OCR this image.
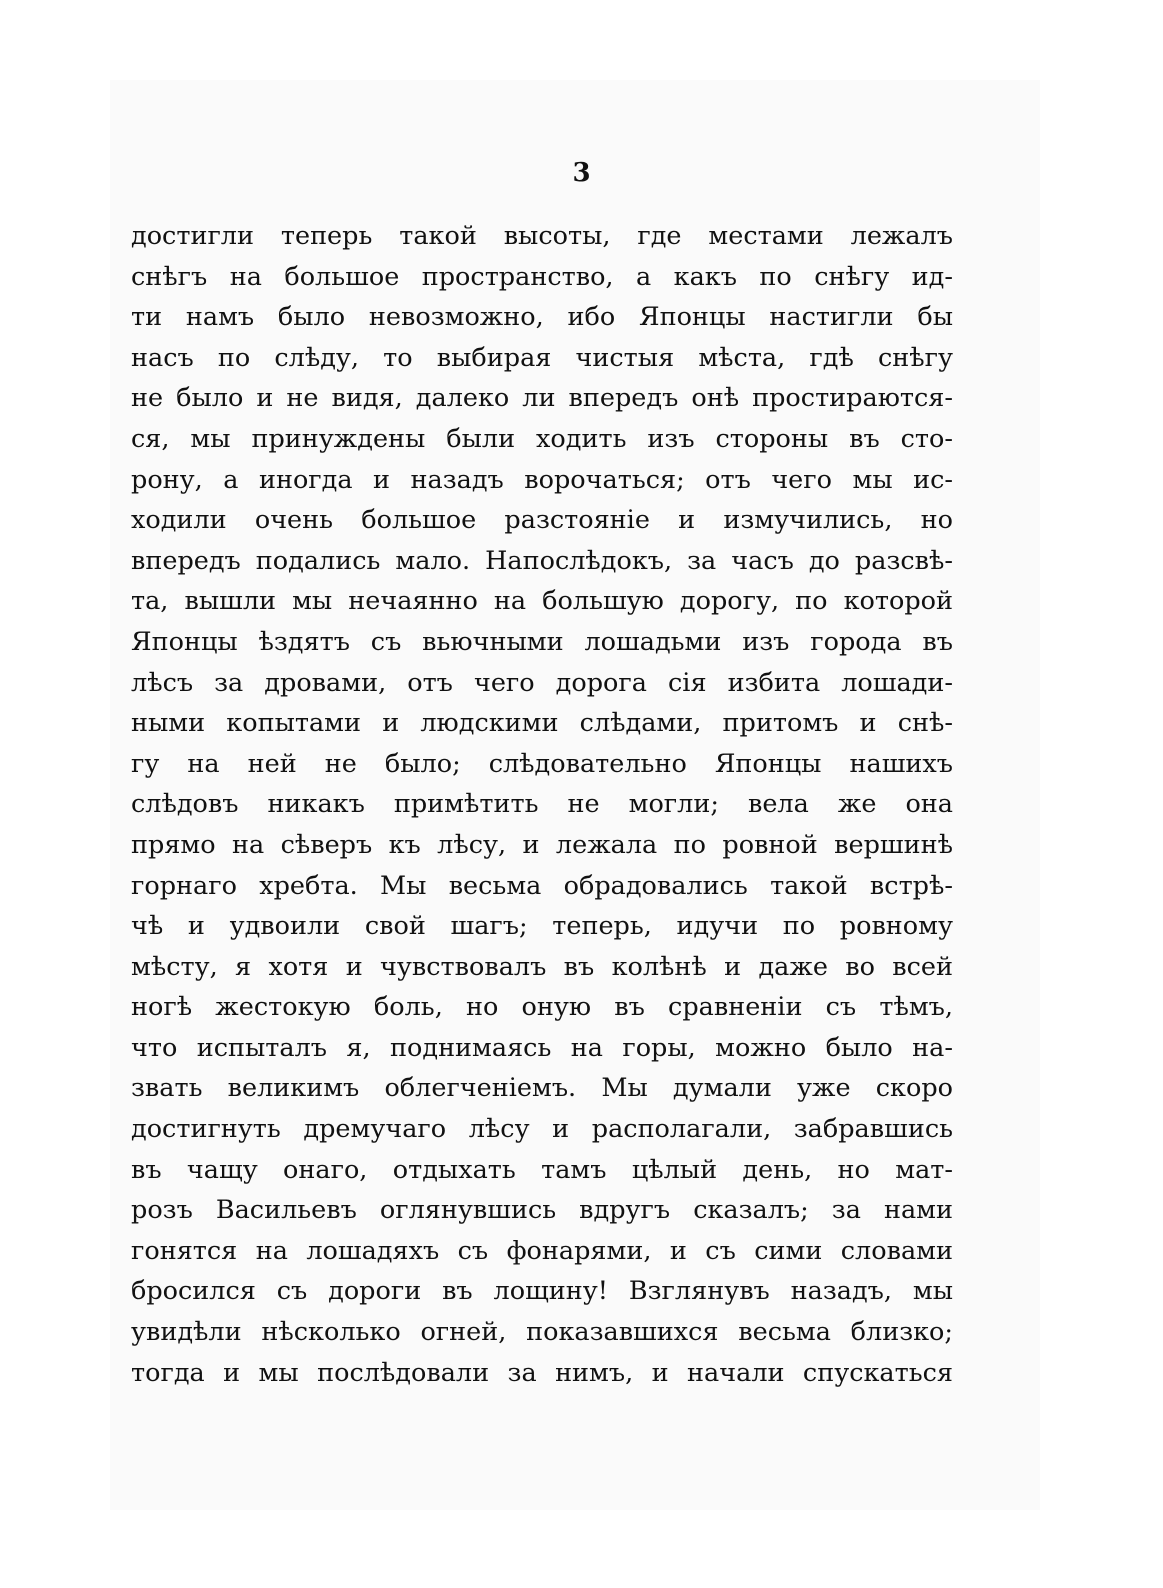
3
достигли теперь такой высоты, где местами лежалъ
снѣгъ на большое пространство, а какъ по снѣгу ид-
ти намъ было невозможно, ибо Японцы настигли бы
насъ по слѣду, то выбирая чистыя мѣста, гдѣ снѣгу
не было и не видя, далеко ли впередъ онѣ простираются-
ся, мы принуждены были ходить изъ стороны въ сто-
рону, а иногда и назадъ ворочаться; отъ чего мы ис-
ходили очень большое разстояніе и измучились, но
впередъ подались мало. Напослѣдокъ, за часъ до разсвѣ-
та, вышли мы нечаянно на большую дорогу, по которой
Японцы ѣздятъ съ вьючными лошадьми изъ города въ
лѣсъ за дровами, отъ чего дорога сія избита лошади-
ными копытами и людскими слѣдами, притомъ и снѣ-
гу на ней не было; слѣдовательно Японцы нашихъ
слѣдовъ никакъ примѣтить не могли; вела же она
прямо на сѣверъ къ лѣсу, и лежала по ровной вершинѣ
горнаго хребта. Мы весьма обрадовались такой встрѣ-
чѣ и удвоили свой шагъ; теперь, идучи по ровному
мѣсту, я хотя и чувствовалъ въ колѣнѣ и даже во всей
ногѣ жестокую боль, но оную въ сравненіи съ тѣмъ,
что испыталъ я, поднимаясь на горы, можно было на-
звать великимъ облегченіемъ. Мы думали уже скоро
достигнуть дремучаго лѣсу и располагали, забравшись
въ чащу онаго, отдыхать тамъ цѣлый день, но мат-
розъ Васильевъ оглянувшись вдругъ сказалъ; за нами
гонятся на лошадяхъ съ фонарями, и съ сими словами
бросился съ дороги въ лощину! Взглянувъ назадъ, мы
увидѣли нѣсколько огней, показавшихся весьма близко;
тогда и мы послѣдовали за нимъ, и начали спускаться
